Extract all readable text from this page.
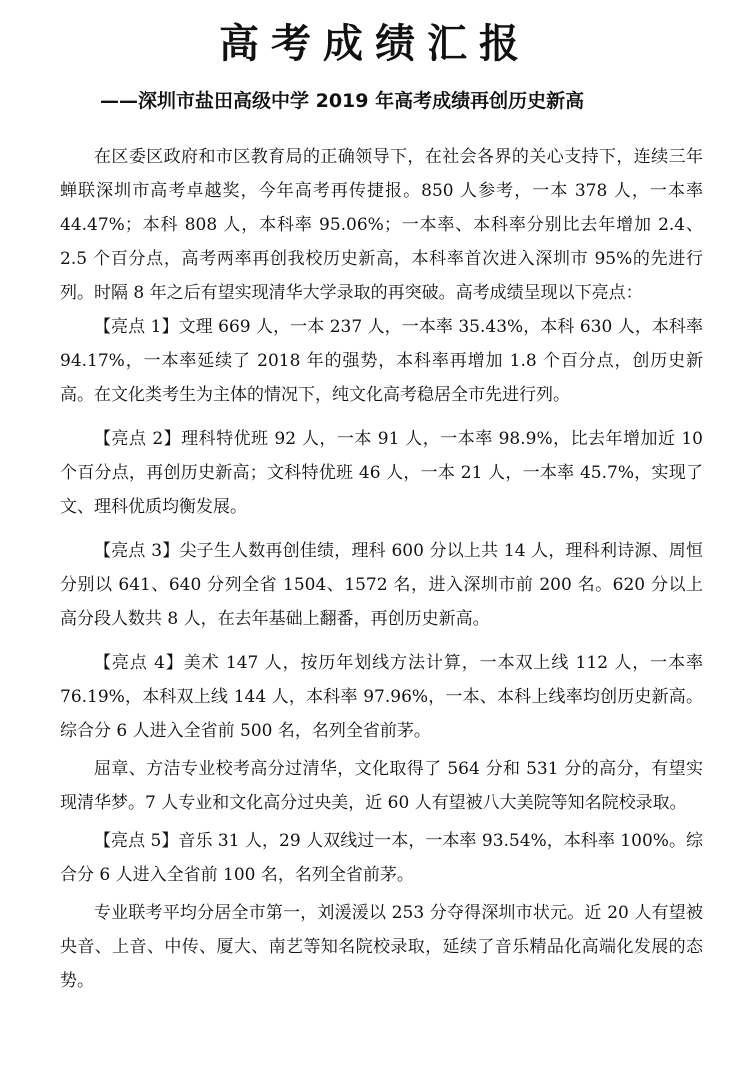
高考成绩汇报
——深圳市盐田高级中学 2019 年高考成绩再创历史新高

在区委区政府和市区教育局的正确领导下，在社会各界的关心支持下，连续三年蝉联深圳市高考卓越奖，今年高考再传捷报。850 人参考，一本 378 人，一本率 44.47%；本科 808 人，本科率 95.06%；一本率、本科率分别比去年增加 2.4、2.5 个百分点，高考两率再创我校历史新高，本科率首次进入深圳市 95%的先进行列。时隔 8 年之后有望实现清华大学录取的再突破。高考成绩呈现以下亮点：

【亮点 1】文理 669 人，一本 237 人，一本率 35.43%，本科 630 人，本科率 94.17%，一本率延续了 2018 年的强势，本科率再增加 1.8 个百分点，创历史新高。在文化类考生为主体的情况下，纯文化高考稳居全市先进行列。

【亮点 2】理科特优班 92 人，一本 91 人，一本率 98.9%，比去年增加近 10 个百分点，再创历史新高；文科特优班 46 人，一本 21 人，一本率 45.7%，实现了文、理科优质均衡发展。

【亮点 3】尖子生人数再创佳绩，理科 600 分以上共 14 人，理科利诗源、周恒分别以 641、640 分列全省 1504、1572 名，进入深圳市前 200 名。620 分以上高分段人数共 8 人，在去年基础上翻番，再创历史新高。

【亮点 4】美术 147 人，按历年划线方法计算，一本双上线 112 人，一本率 76.19%，本科双上线 144 人，本科率 97.96%，一本、本科上线率均创历史新高。综合分 6 人进入全省前 500 名，名列全省前茅。

屈章、方洁专业校考高分过清华，文化取得了 564 分和 531 分的高分，有望实现清华梦。7 人专业和文化高分过央美，近 60 人有望被八大美院等知名院校录取。

【亮点 5】音乐 31 人，29 人双线过一本，一本率 93.54%，本科率 100%。综合分 6 人进入全省前 100 名，名列全省前茅。

专业联考平均分居全市第一，刘湲湲以 253 分夺得深圳市状元。近 20 人有望被央音、上音、中传、厦大、南艺等知名院校录取，延续了音乐精品化高端化发展的态势。
